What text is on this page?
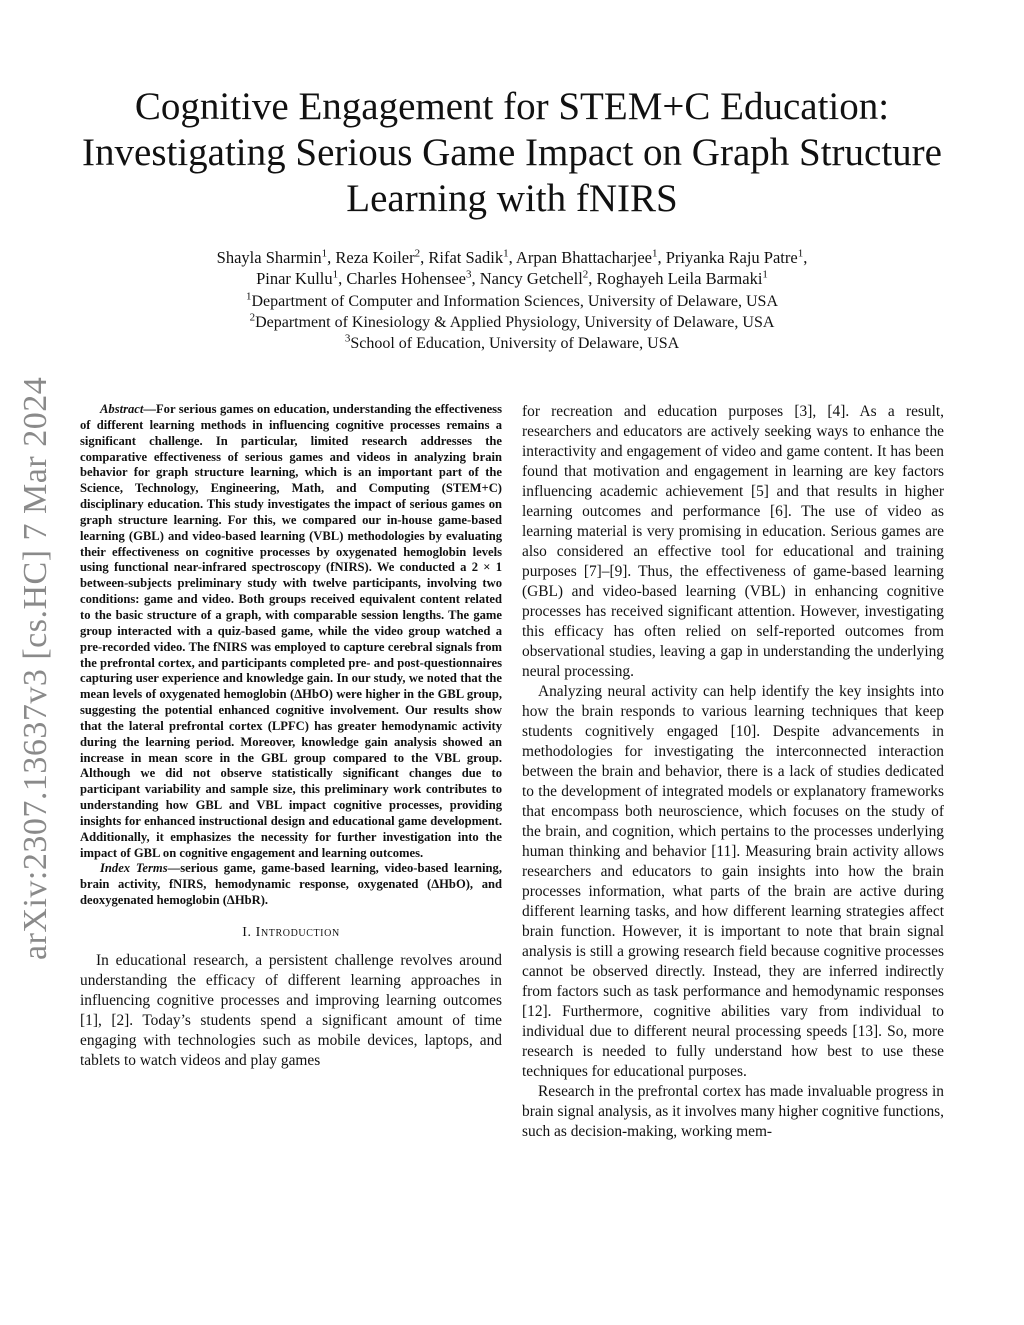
arXiv:2307.13637v3 [cs.HC] 7 Mar 2024
Cognitive Engagement for STEM+C Education: Investigating Serious Game Impact on Graph Structure Learning with fNIRS
Shayla Sharmin$^1$, Reza Koiler$^2$, Rifat Sadik$^1$, Arpan Bhattacharjee$^1$, Priyanka Raju Patre$^1$,
Pinar Kullu$^1$, Charles Hohensee$^3$, Nancy Getchell$^2$, Roghayeh Leila Barmaki$^1$
$^1$Department of Computer and Information Sciences, University of Delaware, USA
$^2$Department of Kinesiology & Applied Physiology, University of Delaware, USA
$^3$School of Education, University of Delaware, USA

Abstract—For serious games on education, understanding the effectiveness of different learning methods in influencing cognitive processes remains a significant challenge. In particular, limited research addresses the comparative effectiveness of serious games and videos in analyzing brain behavior for graph structure learning, which is an important part of the Science, Technology, Engineering, Math, and Computing (STEM+C) disciplinary education. This study investigates the impact of serious games on graph structure learning. For this, we compared our in-house game-based learning (GBL) and video-based learning (VBL) methodologies by evaluating their effectiveness on cognitive processes by oxygenated hemoglobin levels using functional near-infrared spectroscopy (fNIRS). We conducted a 2 × 1 between-subjects preliminary study with twelve participants, involving two conditions: game and video. Both groups received equivalent content related to the basic structure of a graph, with comparable session lengths. The game group interacted with a quiz-based game, while the video group watched a pre-recorded video. The fNIRS was employed to capture cerebral signals from the prefrontal cortex, and participants completed pre- and post-questionnaires capturing user experience and knowledge gain. In our study, we noted that the mean levels of oxygenated hemoglobin (ΔHbO) were higher in the GBL group, suggesting the potential enhanced cognitive involvement. Our results show that the lateral prefrontal cortex (LPFC) has greater hemodynamic activity during the learning period. Moreover, knowledge gain analysis showed an increase in mean score in the GBL group compared to the VBL group. Although we did not observe statistically significant changes due to participant variability and sample size, this preliminary work contributes to understanding how GBL and VBL impact cognitive processes, providing insights for enhanced instructional design and educational game development. Additionally, it emphasizes the necessity for further investigation into the impact of GBL on cognitive engagement and learning outcomes.

Index Terms—serious game, game-based learning, video-based learning, brain activity, fNIRS, hemodynamic response, oxygenated (ΔHbO), and deoxygenated hemoglobin (ΔHbR).

I. Introduction

In educational research, a persistent challenge revolves around understanding the efficacy of different learning approaches in influencing cognitive processes and improving learning outcomes [1], [2]. Today’s students spend a significant amount of time engaging with technologies such as mobile devices, laptops, and tablets to watch videos and play games

for recreation and education purposes [3], [4]. As a result, researchers and educators are actively seeking ways to enhance the interactivity and engagement of video and game content. It has been found that motivation and engagement in learning are key factors influencing academic achievement [5] and that results in higher learning outcomes and performance [6]. The use of video as learning material is very promising in education. Serious games are also considered an effective tool for educational and training purposes [7]–[9]. Thus, the effectiveness of game-based learning (GBL) and video-based learning (VBL) in enhancing cognitive processes has received significant attention. However, investigating this efficacy has often relied on self-reported outcomes from observational studies, leaving a gap in understanding the underlying neural processing.

Analyzing neural activity can help identify the key insights into how the brain responds to various learning techniques that keep students cognitively engaged [10]. Despite advancements in methodologies for investigating the interconnected interaction between the brain and behavior, there is a lack of studies dedicated to the development of integrated models or explanatory frameworks that encompass both neuroscience, which focuses on the study of the brain, and cognition, which pertains to the processes underlying human thinking and behavior [11]. Measuring brain activity allows researchers and educators to gain insights into how the brain processes information, what parts of the brain are active during different learning tasks, and how different learning strategies affect brain function. However, it is important to note that brain signal analysis is still a growing research field because cognitive processes cannot be observed directly. Instead, they are inferred indirectly from factors such as task performance and hemodynamic responses [12]. Furthermore, cognitive abilities vary from individual to individual due to different neural processing speeds [13]. So, more research is needed to fully understand how best to use these techniques for educational purposes.

Research in the prefrontal cortex has made invaluable progress in brain signal analysis, as it involves many higher cognitive functions, such as decision-making, working mem-
